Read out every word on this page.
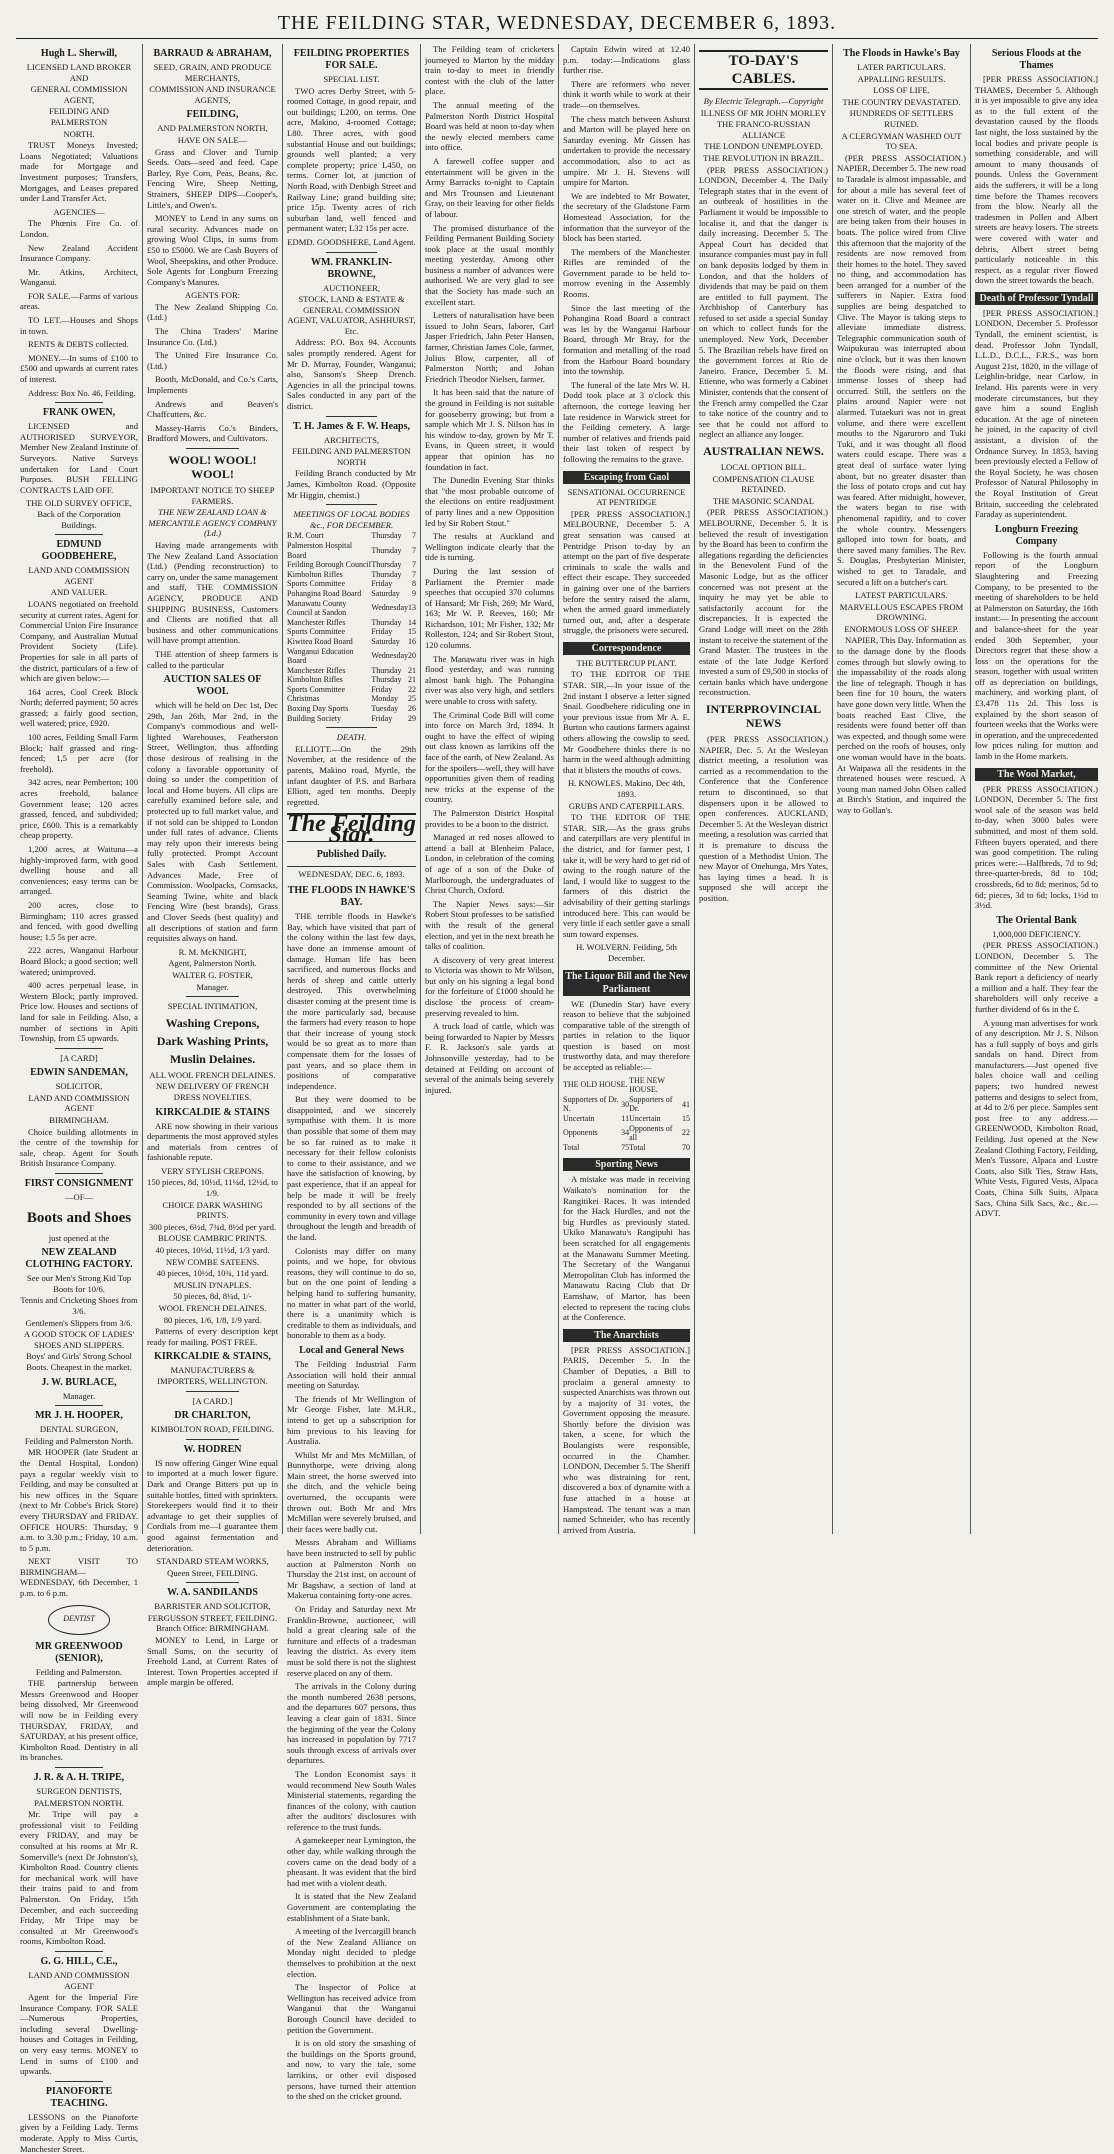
THE FEILDING STAR, WEDNESDAY, DECEMBER 6, 1893.
Hugh L. Sherwill,
LICENSED LAND BROKER AND
GENERAL COMMISSION AGENT,
FEILDING AND PALMERSTON
NORTH.

TRUST Moneys Invested; Loans Negotiated; Valuations made for Mortgage and Investment purposes; Transfers, Mortgages, and Leases prepared under Land Transfer Act.

AGENCIES—

The Phœnix Fire Co. of London.

New Zealand Accident Insurance Company.

Mr. Atkins, Architect, Wanganui.

FOR SALE.—Farms of various areas.

TO LET.—Houses and Shops in town.

RENTS & DEBTS collected.

MONEY.—In sums of £100 to £500 and upwards at current rates of interest.

Address: Box No. 46, Feilding.

FRANK OWEN,

LICENSED and AUTHORISED SURVEYOR, Member New Zealand Institute of Surveyors. Native Surveys undertaken for Land Court Purposes. BUSH FELLING CONTRACTS LAID OFF.

THE OLD SURVEY OFFICE, Back of the Corporation Buildings.
EDMUND GOODBEHERE,
LAND AND COMMISSION AGENT
AND VALUER.

LOANS negotiated on freehold security at current rates. Agent for Commercial Union Fire Insurance Company, and Australian Mutual Provident Society (Life). Properties for sale in all parts of the district, particulars of a few of which are given below:—

164 acres, Cool Creek Block North; deferred payment; 50 acres grassed; a fairly good section, well watered; price, £920.

100 acres, Feilding Small Farm Block; half grassed and ring-fenced; 1,5 per acre (for freehold).

342 acres, near Pemberton; 100 acres freehold, balance Government lease; 120 acres grassed, fenced, and subdivided; price, £600. This is a remarkably cheap property.

1,200 acres, at Waituna—a highly-improved farm, with good dwelling house and all conveniences; easy terms can be arranged.

200 acres, close to Birmingham; 110 acres grassed and fenced, with good dwelling house; 1.5 5s per acre.

222 acres, Wanganui Harbour Board Block; a good section; well watered; unimproved.

400 acres perpetual lease, in Western Block; partly improved. Price low. Houses and sections of land for sale in Feilding. Also, a number of sections in Apiti Township, from £5 upwards.

[A CARD]
EDWIN SANDEMAN,
SOLICITOR,
LAND AND COMMISSION AGENT
BIRMINGHAM.

Choice building allotments in the centre of the township for sale, cheap. Agent for South British Insurance Company.

FIRST CONSIGNMENT
—OF—
Boots and Shoes
just opened at the
NEW ZEALAND CLOTHING FACTORY.
See our Men's Strong Kid Top Boots for 10/6.
Tennis and Cricketing Shoes from 3/6.
Gentlemen's Slippers from 3/6.
A GOOD STOCK OF LADIES' SHOES AND SLIPPERS.
Boys' and Girls' Strong School Boots. Cheapest in the market.
J. W. BURLACE,
Manager.
MR J. H. HOOPER,
DENTAL SURGEON,
Feilding and Palmerston North.

MR HOOPER (late Student at the Dental Hospital, London) pays a regular weekly visit to Feilding, and may be consulted at his new offices in the Square (next to Mr Cobbe's Brick Store) every THURSDAY and FRIDAY. OFFICE HOURS: Thursday, 9 a.m. to 3.30 p.m.; Friday, 10 a.m. to 5 p.m.

NEXT VISIT TO BIRMINGHAM—WEDNESDAY, 6th December, 1 p.m. to 6 p.m.

DENTIST
MR GREENWOOD (SENIOR),
Feilding and Palmerston.

THE partnership between Messrs Greenwood and Hooper being dissolved, Mr Greenwood will now be in Feilding every THURSDAY, FRIDAY, and SATURDAY, at his present office, Kimbolton Road. Dentistry in all its branches.

J. R. & A. H. TRIPE,
SURGEON DENTISTS,
PALMERSTON NORTH.

Mr. Tripe will pay a professional visit to Feilding every FRIDAY, and may be consulted at his rooms at Mr R. Somerville's (next Dr Johnston's), Kimbolton Road. Country clients for mechanical work will have their trains paid to and from Palmerston. On Friday, 15th December, and each succeeding Friday, Mr Tripe may be consulted at Mr Greenwood's rooms, Kimbolton Road.

G. G. HILL, C.E.,
LAND AND COMMISSION AGENT

Agent for the Imperial Fire Insurance Company. FOR SALE—Numerous Properties, including several Dwelling-houses and Cottages in Feilding, on very easy terms. MONEY to Lend in sums of £100 and upwards.

PIANOFORTE TEACHING.

LESSONS on the Pianoforte given by a Feilding Lady. Terms moderate. Apply to Miss Curtis, Manchester Street.

BARRAUD & ABRAHAM,
SEED, GRAIN, AND PRODUCE MERCHANTS,
COMMISSION AND INSURANCE AGENTS,
FEILDING,
AND PALMERSTON NORTH,
HAVE ON SALE—

Grass and Clover and Turnip Seeds. Oats—seed and feed. Cape Barley, Rye Corn, Peas, Beans, &c. Fencing Wire, Sheep Netting, Strainers, SHEEP DIPS—Cooper's, Little's, and Owen's.

MONEY to Lend in any sums on rural security. Advances made on growing Wool Clips, in sums from £50 to £5000. We are Cash Buyers of Wool, Sheepskins, and other Produce. Sole Agents for Longburn Freezing Company's Manures.

AGENTS FOR:

The New Zealand Shipping Co. (Ltd.)

The China Traders' Marine Insurance Co. (Ltd.)

The United Fire Insurance Co. (Ltd.)

Booth, McDonald, and Co.'s Carts, Implements

Andrews and Beaven's Chaffcutters, &c.

Massey-Harris Co.'s Binders, Bradford Mowers, and Cultivators.

WOOL! WOOL! WOOL!
IMPORTANT NOTICE TO SHEEP FARMERS.
THE NEW ZEALAND LOAN & MERCANTILE AGENCY COMPANY (Ld.)

Having made arrangements with The New Zealand Land Association (Ltd.) (Pending reconstruction) to carry on, under the same management and staff, THE COMMISSION AGENCY, PRODUCE AND SHIPPING BUSINESS, Customers and Clients are notified that all business and other communications will have prompt attention.

THE attention of sheep farmers is called to the particular

AUCTION SALES OF WOOL

which will be held on Dec 1st, Dec 29th, Jan 26th, Mar 2nd, in the Company's commodious and well-lighted Warehouses, Featherston Street, Wellington, thus affording those desirous of realising in the colony a favorable opportunity of doing so under the competition of local and Home buyers. All clips are carefully examined before sale, and protected up to full market value, and if not sold can be shipped to London under full rates of advance. Clients may rely upon their interests being fully protected. Prompt Account Sales with Cash Settlement. Advances Made, Free of Commission. Woolpacks, Cornsacks, Seaming Twine, white and black Fencing Wire (best brands), Grass and Clover Seeds (best quality) and all descriptions of station and farm requisites always on hand.

R. M. McKNIGHT,
Agent, Palmerston North.
WALTER G. FOSTER,
Manager.
SPECIAL INTIMATION,
Washing Crepons,
Dark Washing Prints,
Muslin Delaines.
ALL WOOL FRENCH DELAINES.
NEW DELIVERY OF FRENCH DRESS NOVELTIES.
KIRKCALDIE & STAINS

ARE now showing in their various departments the most approved styles and materials from centres of fashionable repute.

VERY STYLISH CREPONS.
150 pieces, 8d, 10½d, 11¼d, 12½d, to 1/9.
CHOICE DARK WASHING PRINTS.
300 pieces, 6½d, 7¾d, 8½d per yard.
BLOUSE CAMBRIC PRINTS.
40 pieces, 10½d, 11½d, 1/3 yard.
NEW COMBE SATEENS.
40 pieces, 10½d, 10¾, 11d yard.
MUSLIN D'NAPLES.
50 pieces, 8d, 8¼d, 1/-
WOOL FRENCH DELAINES.
80 pieces, 1/6, 1/8, 1/9 yard.

Patterns of every description kept ready for mailing. POST FREE.

KIRKCALDIE & STAINS,
MANUFACTURERS & IMPORTERS, WELLINGTON.
[A CARD.]
DR CHARLTON,
KIMBOLTON ROAD, FEILDING.
W. HODREN

IS now offering Ginger Wine equal to imported at a much lower figure. Dark and Orange Bitters put up in suitable bottles, fitted with sprinkters. Storekeepers would find it to their advantage to get their supplies of Cordials from me—I guarantee them good against fermentation and deterioration.

STANDARD STEAM WORKS,
Queen Street, FEILDING.
W. A. SANDILANDS
BARRISTER AND SOLICITOR,
FERGUSSON STREET, FEILDING. Branch Office: BIRMINGHAM.

MONEY to Lend, in Large or Small Sums, on the security of Freehold Land, at Current Rates of Interest. Town Properties accepted if ample margin be offered.

FEILDING PROPERTIES FOR SALE.
SPECIAL LIST.

TWO acres Derby Street, with 5-roomed Cottage, in good repair, and out buildings; L200, on terms. One acre, Makino, 4-roomed Cottage; L80. Three acres, with good substantial House and out buildings; grounds well planted; a very complete property; price L450, on terms. Corner lot, at junction of North Road, with Denbigh Street and Railway Line; grand building site; price 15p. Twenty acres of rich suburban land, well fenced and permanent water; L32 15s per acre.

EDMD. GOODSHERE, Land Agent.
WM. FRANKLIN-BROWNE,
AUCTIONEER,
STOCK, LAND & ESTATE & GENERAL COMMISSION AGENT, VALUATOR, ASHHURST, Etc.

Address: P.O. Box 94. Accounts sales promptly rendered. Agent for Mr D. Murray, Founder, Wanganui; also, Sansom's Sheep Drench. Agencies in all the principal towns. Sales conducted in any part of the district.

T. H. James & F. W. Heaps,
ARCHITECTS,
FEILDING AND PALMERSTON NORTH

Feilding Branch conducted by Mr James, Kimbolton Road. (Opposite Mr Higgin, chemist.)

MEETINGS OF LOCAL BODIES &c., FOR DECEMBER.
R.M. Court	Thursday	7
Palmerston Hospital Board	Thursday	7
Feilding Borough Council	Thursday	7
Kimbolton Rifles	Thursday	7
Sports Committee	Friday	8
Pohangina Road Board	Saturday	9
Manawatu County Council at Sandon	Wednesday	13
Manchester Rifles	Thursday	14
Sports Committee	Friday	15
Kiwitea Road Board	Saturday	16
Wanganui Education Board	Wednesday	20
Manchester Rifles	Thursday	21
Kimbolton Rifles	Thursday	21
Sports Committee	Friday	22
Christmas	Monday	25
Boxing Day Sports	Tuesday	26
Building Society	Friday	29
DEATH.

ELLIOTT.—On the 29th November, at the residence of the parents, Makino road, Myrtle, the infant daughter of P.S. and Barbara Elliott, aged ten months. Deeply regretted.

The Feilding Star.
Published Daily.
WEDNESDAY, DEC. 6, 1893.
THE FLOODS IN HAWKE'S BAY.

THE terrible floods in Hawke's Bay, which have visited that part of the colony within the last few days, have done an immense amount of damage. Human life has been sacrificed, and numerous flocks and herds of sheep and cattle utterly destroyed. This overwhelming disaster coming at the present time is the more particularly sad, because the farmers had every reason to hope that their increase of young stock would be so great as to more than compensate them for the losses of past years, and so place them in positions of comparative independence.

But they were doomed to be disappointed, and we sincerely sympathise with them. It is more than possible that some of them may be so far ruined as to make it necessary for their fellow colonists to come to their assistance, and we have the satisfaction of knowing, by past experience, that if an appeal for help be made it will be freely responded to by all sections of the community in every town and village throughout the length and breadth of the land.

Colonists may differ on many points, and we hope, for obvious reasons, they will continue to do so, but on the one point of lending a helping hand to suffering humanity, no matter in what part of the world, there is a unanimity which is creditable to them as individuals, and honorable to them as a body.

Local and General News

The Feilding Industrial Farm Association will hold their annual meeting on Saturday.

The friends of Mr Wellington of Mr George Fisher, late M.H.R., intend to get up a subscription for him previous to his leaving for Australia.

Whilst Mr and Mrs McMillan, of Bunnythorpe, were driving along Main street, the horse swerved into the ditch, and the vehicle being overturned, the occupants were thrown out. Both Mr and Mrs McMillan were severely bruised, and their faces were badly cut.

Messrs Abraham and Williams have been instructed to sell by public auction at Palmerston North on Thursday the 21st inst, on account of Mr Bagshaw, a section of land at Makerua containing forty-one acres.

On Friday and Saturday next Mr Franklin-Browne, auctioneer, will hold a great clearing sale of the furniture and effects of a tradesman leaving the district. As every item must be sold there is not the slightest reserve placed on any of them.

The arrivals in the Colony during the month numbered 2638 persons, and the departures 607 persons, thus leaving a clear gain of 1831. Since the beginning of the year the Colony has increased in population by 7717 souls through excess of arrivals over departures.

The London Economist says it would recommend New South Wales Ministerial statements, regarding the finances of the colony, with caution after the auditors' disclosures with reference to the trust funds.

A gamekeeper near Lymington, the other day, while walking through the covers came on the dead body of a pheasant. It was evident that the bird had met with a violent death.

It is stated that the New Zealand Government are contemplating the establishment of a State bank.

A meeting of the Ivercargill branch of the New Zealand Alliance on Monday night decided to pledge themselves to prohibition at the next election.

The Inspector of Police at Wellington has received advice from Wanganui that the Wanganui Borough Council have decided to petition the Government.

It is on old story the smashing of the buildings on the Sports ground, and now, to vary the tale, some larrikins, or other evil disposed persons, have turned their attention to the shed on the cricket ground.

The Feilding team of cricketers journeyed to Marton by the midday train to-day to meet in friendly contest with the club of the latter place.

The annual meeting of the Palmerston North District Hospital Board was held at noon to-day when the newly elected members came into office.

A farewell coffee supper and entertainment will be given in the Army Barracks to-night to Captain and Mrs Trounsen and Lieutenant Gray, on their leaving for other fields of labour.

The promised disturbance of the Feilding Permanent Building Society took place at the usual monthly meeting yesterday. Among other business a number of advances were authorised. We are very glad to see that the Society has made such an excellent start.

Letters of naturalisation have been issued to John Sears, laborer, Carl Jasper Friedrich, Jahn Peter Hansen, farmer, Christian James Cole, farmer, Julius Blow, carpenter, all of Palmerston North; and Johan Friedrich Theodor Nielsen, farmer.

It has been said that the nature of the ground in Feilding is not suitable for gooseberry growing; but from a sample which Mr J. S. Nilson has in his window to-day, grown by Mr T. Evans, in Queen street, it would appear that opinion has no foundation in fact.

The Dunedin Evening Star thinks that "the most probable outcome of the elections on entire readjustment of party lines and a new Opposition led by Sir Robert Stout."

The results at Auckland and Wellington indicate clearly that the tide is turning.

During the last session of Parliament the Premier made speeches that occupied 370 columns of Hansard; Mr Fish, 269; Mr Ward, 163; Mr W. P. Reeves, 160; Mr Richardson, 101; Mr Fisher, 132; Mr Rolleston, 124; and Sir Robert Stout, 120 columns.

The Manawatu river was in high flood yesterday, and was running almost bank high. The Pohangina river was also very high, and settlers were unable to cross with safety.

The Criminal Code Bill will come into force on March 3rd, 1894. It ought to have the effect of wiping out class known as larrikins off the face of the earth, of New Zealand. As for the spoilers—well, they will have opportunities given them of reading new tricks at the expense of the country.

The Palmerston District Hospital provides to be a boon to the district.

Managed at red noses allowed to attend a ball at Blenheim Palace, London, in celebration of the coming of age of a son of the Duke of Marlborough, the undergraduates of Christ Church, Oxford.

The Napier News says:—Sir Robert Stout professes to be satisfied with the result of the general election, and yet in the next breath he talks of coalition.

A discovery of very great interest to Victoria was shown to Mr Wilson, but only on his signing a legal bond for the forfeiture of £1000 should he disclose the process of cream-preserving revealed to him.

A truck load of cattle, which was being forwarded to Napier by Messrs F. R. Jackson's sale yards at Johnsonville yesterday, had to be detained at Feilding on account of several of the animals being severely injured.

Captain Edwin wired at 12.40 p.m. today:—Indications glass further rise.

There are reformers who never think it worth while to work at their trade—on themselves.

The chess match between Ashurst and Marton will be played here on Saturday evening. Mr Gissen has undertaken to provide the necessary accommodation, also to act as umpire. Mr J. H. Stevens will umpire for Marton.

We are indebted to Mr Bowater, the secretary of the Gladstone Farm Homestead Association, for the information that the surveyor of the block has been started.

The members of the Manchester Rifles are reminded of the Government parade to be held to-morrow evening in the Assembly Rooms.

Since the last meeting of the Pohangina Road Board a contract was let by the Wanganui Harbour Board, through Mr Bray, for the formation and metalling of the road from the Harbour Board boundary into the township.

The funeral of the late Mrs W. H. Dodd took place at 3 o'clock this afternoon, the cortege leaving her late residence in Warwick street for the Feilding cemetery. A large number of relatives and friends paid their last token of respect by following the remains to the grave.

Escaping from Gaol
SENSATIONAL OCCURRENCE AT PENTRIDGE

[PER PRESS ASSOCIATION.] MELBOURNE, December 5. A great sensation was caused at Pentridge Prison to-day by an attempt on the part of five desperate criminals to scale the walls and effect their escape. They succeeded in gaining over one of the barriers before the sentry raised the alarm, when the armed guard immediately turned out, and, after a desperate struggle, the prisoners were secured.

Correspondence
THE BUTTERCUP PLANT.

TO THE EDITOR OF THE STAR. SIR,—In your issue of the 2nd instant I observe a letter signed Snail. Goodbehere ridiculing one in your previous issue from Mr A. E. Burton who cautions farmers against others allowing the cowslip to seed. Mr Goodbehere thinks there is no harm in the weed although admitting that it blisters the mouths of cows.

H. KNOWLES. Makino, Dec 4th, 1893.
GRUBS AND CATERPILLARS.

TO THE EDITOR OF THE STAR. SIR,—As the grass grubs and caterpillars are very plentiful in the district, and for farmer pest, I take it, will be very hard to get rid of owing to the rough nature of the land, I would like to suggest to the farmers of this district the advisability of their getting starlings introduced here. This can would be very little if each settler gave a small sum toward expenses.

H. WOLVERN. Feilding, 5th December.
The Liquor Bill and the New Parliament

WE (Dunedin Star) have every reason to believe that the subjoined comparative table of the strength of parties in relation to the liquor question is based on most trustworthy data, and may therefore be accepted as reliable:—

THE OLD HOUSE.		THE NEW HOUSE.	
Supporters of Dr. N.	30	Supporters of Dr.	41
Uncertain	11	Uncertain	15
Opponents	34	Opponents of all	22
Total	75	Total	70
Sporting News

A mistake was made in receiving Waikato's nomination for the Rangitikei Races. It was intended for the Hack Hurdles, and not the big Hurdles as previously stated. Ukiko Manawatu's Rangipuhi has been scratched for all engagements at the Manawatu Summer Meeting. The Secretary of the Wanganui Metropolitan Club has informed the Manawatu Racing Club that Dr Earnshaw, of Martor, has been elected to represent the racing clubs at the Conference.

The Anarchists

[PER PRESS ASSOCIATION.] PARIS, December 5. In the Chamber of Deputies, a Bill to proclaim a general amnesty to suspected Anarchists was thrown out by a majority of 31 votes, the Government opposing the measure. Shortly before the division was taken, a scene, for which the Boulangists were responsible, occurred in the Chamber. LONDON, December 5. The Sheriff who was distraining for rent, discovered a box of dynamite with a fuse attached in a house at Hampstead. The tenant was a man named Schneider, who has recently arrived from Austria.

TO-DAY'S CABLES.
By Electric Telegraph.—Copyright
ILLNESS OF MR JOHN MORLEY
THE FRANCO-RUSSIAN ALLIANCE
THE LONDON UNEMPLOYED.
THE REVOLUTION IN BRAZIL.

(PER PRESS ASSOCIATION.) LONDON, December 4. The Daily Telegraph states that in the event of an outbreak of hostilities in the Parliament it would be impossible to localise it, and that the danger is daily increasing. December 5. The Appeal Court has decided that insurance companies must pay in full on bank deposits lodged by them in London, and that the holders of dividends that may be paid on them are entitled to full payment. The Archbishop of Canterbury has refused to set aside a special Sunday on which to collect funds for the unemployed. New York, December 5. The Brazilian rebels have fired on the government forces at Rio de Janeiro. France, December 5. M. Etienne, who was formerly a Cabinet Minister, contends that the consent of the French army compelled the Czar to take notice of the country and to see that he could not afford to neglect an alliance any longer.

AUSTRALIAN NEWS.
LOCAL OPTION BILL.
COMPENSATION CLAUSE RETAINED.
THE MASONIC SCANDAL

(PER PRESS ASSOCIATION.) MELBOURNE, December 5. It is believed the result of investigation by the Board has been to confirm the allegations regarding the deficiencies in the Benevolent Fund of the Masonic Lodge, but as the officer concerned was not present at the inquiry he may yet be able to satisfactorily account for the discrepancies. It is expected the Grand Lodge will meet on the 28th instant to receive the statement of the Grand Master. The trustees in the estate of the late Judge Kerford invested a sum of £9,500 in stocks of certain banks which have undergone reconstruction.

INTERPROVINCIAL NEWS

(PER PRESS ASSOCIATION.) NAPIER, Dec. 5. At the Wesleyan district meeting, a resolution was carried as a recommendation to the Conference that the Conference return to discontinued, so that dispensers upon it be allowed to open conferences. AUCKLAND, December 5. At the Wesleyan district meeting, a resolution was carried that it is premature to discuss the question of a Methodist Union. The new Mayor of Onehunga, Mrs Yates, has laying times a head. It is supposed she will accept the position.

The Floods in Hawke's Bay
LATER PARTICULARS.
APPALLING RESULTS.
LOSS OF LIFE.
THE COUNTRY DEVASTATED.
HUNDREDS OF SETTLERS RUINED.
A CLERGYMAN WASHED OUT TO SEA.

(PER PRESS ASSOCIATION.) NAPIER, December 5. The new road to Taradale is almost impassable, and for about a mile has several feet of water on it. Clive and Meanee are one stretch of water, and the people are being taken from their houses in boats. The police wired from Clive this afternoon that the majority of the residents are now removed from their homes to the hotel. They saved no thing, and accommodation has been arranged for a number of the sufferers in Napier. Extra food supplies are being despatched to Clive. The Mayor is taking steps to alleviate immediate distress. Telegraphic communication south of Waipukurau was interrupted about nine o'clock, but it was then known the floods were rising, and that immense losses of sheep had occurred. Still, the settlers on the plains around Napier were not alarmed. Tutaekuri was not in great volume, and there were excellent mouths to the Ngaruroro and Tuki Tuki, and it was thought all flood waters could escape. There was a great deal of surface water lying about, but no greater disaster than the loss of potato crops and cut hay was feared. After midnight, however, the waters began to rise with phenomenal rapidity, and to cover the whole country. Messengers galloped into town for boats, and there saved many families. The Rev. S. Douglas, Presbyterian Minister, wished to get to Taradale, and secured a lift on a butcher's cart.

LATEST PARTICULARS.
MARVELLOUS ESCAPES FROM DROWNING.
ENORMOUS LOSS OF SHEEP.

NAPIER, This Day. Information as to the damage done by the floods comes through but slowly owing to the impassability of the roads along the line of telegraph. Though it has been fine for 10 hours, the waters have gone down very little. When the boats reached East Clive, the residents were found better off than was expected, and though some were perched on the roofs of houses, only one woman would have in the boats. At Waipawa all the residents in the threatened houses were rescued. A young man named John Olsen called at Birch's Station, and inquired the way to Gollan's.

Serious Floods at the Thames

[PER PRESS ASSOCIATION.] THAMES, December 5. Although it is yet impossible to give any idea as to the full extent of the devastation caused by the floods last night, the loss sustained by the local bodies and private people is something considerable, and will amount to many thousands of pounds. Unless the Government aids the sufferers, it will be a long time before the Thames recovers from the blow. Nearly all the tradesmen in Pollen and Albert streets are heavy losers. The streets were covered with water and debris, Albert street being particularly noticeable in this respect, as a regular river flowed down the street towards the beach.

Death of Professor Tyndall

[PER PRESS ASSOCIATION.] LONDON, December 5. Professor Tyndall, the eminent scientist, is dead. Professor John Tyndall, L.L.D., D.C.L., F.R.S., was born August 21st, 1820, in the village of Leighlin-bridge, near Carlow, in Ireland. His parents were in very moderate circumstances, but they gave him a sound English education. At the age of nineteen he joined, in the capacity of civil assistant, a division of the Ordnance Survey. In 1853, having been previously elected a Fellow of the Royal Society, he was chosen Professor of Natural Philosophy in the Royal Institution of Great Britain, succeeding the celebrated Faraday as superintendent.

Longburn Freezing Company

Following is the fourth annual report of the Longburn Slaughtering and Freezing Company, to be presented to the meeting of shareholders to be held at Palmerston on Saturday, the 16th instant:— In presenting the account and balance-sheet for the year ended 30th September, your Directors regret that these show a loss on the operations for the season, together with usual written off as depreciation on buildings, machinery, and working plant, of £3,478 11s 2d. This loss is explained by the short season of fourteen weeks that the Works were in operation, and the unprecedented low prices ruling for mutton and lamb in the Home markets.

The Wool Market,

(PER PRESS ASSOCIATION.) LONDON, December 5. The first wool sale of the season was held to-day, when 3000 bales were submitted, and most of them sold. Fifteen buyers operated, and there was good competition. The ruling prices were:—Halfbreds, 7d to 9d; three-quarter-breds, 8d to 10d; crossbreds, 6d to 8d; merinos, 5d to 6d; pieces, 3d to 6d; locks, 1½d to 3½d.

The Oriental Bank
1,000,000 DEFICIENCY.

(PER PRESS ASSOCIATION.) LONDON, December 5. The committee of the New Oriental Bank report a deficiency of nearly a million and a half. They fear the shareholders will only receive a further dividend of 6s in the £.

A young man advertises for work of any description. Mr J. S. Nilson has a full supply of boys and girls sandals on hand. Direct from manufacturers.—Just opened five bales choice wall and ceiling papers; two hundred newest patterns and designs to select from, at 4d to 2/6 per piece. Samples sent post free to any address.—GREENWOOD, Kimbolton Road, Feilding. Just opened at the New Zealand Clothing Factory, Feilding, Men's Tussore, Alpaca and Lustre Coats, also Silk Ties, Straw Hats, White Vests, Figured Vests, Alpaca Coats, China Silk Suits, Alpaca Sacs, China Silk Sacs, &c., &c.—ADVT.
